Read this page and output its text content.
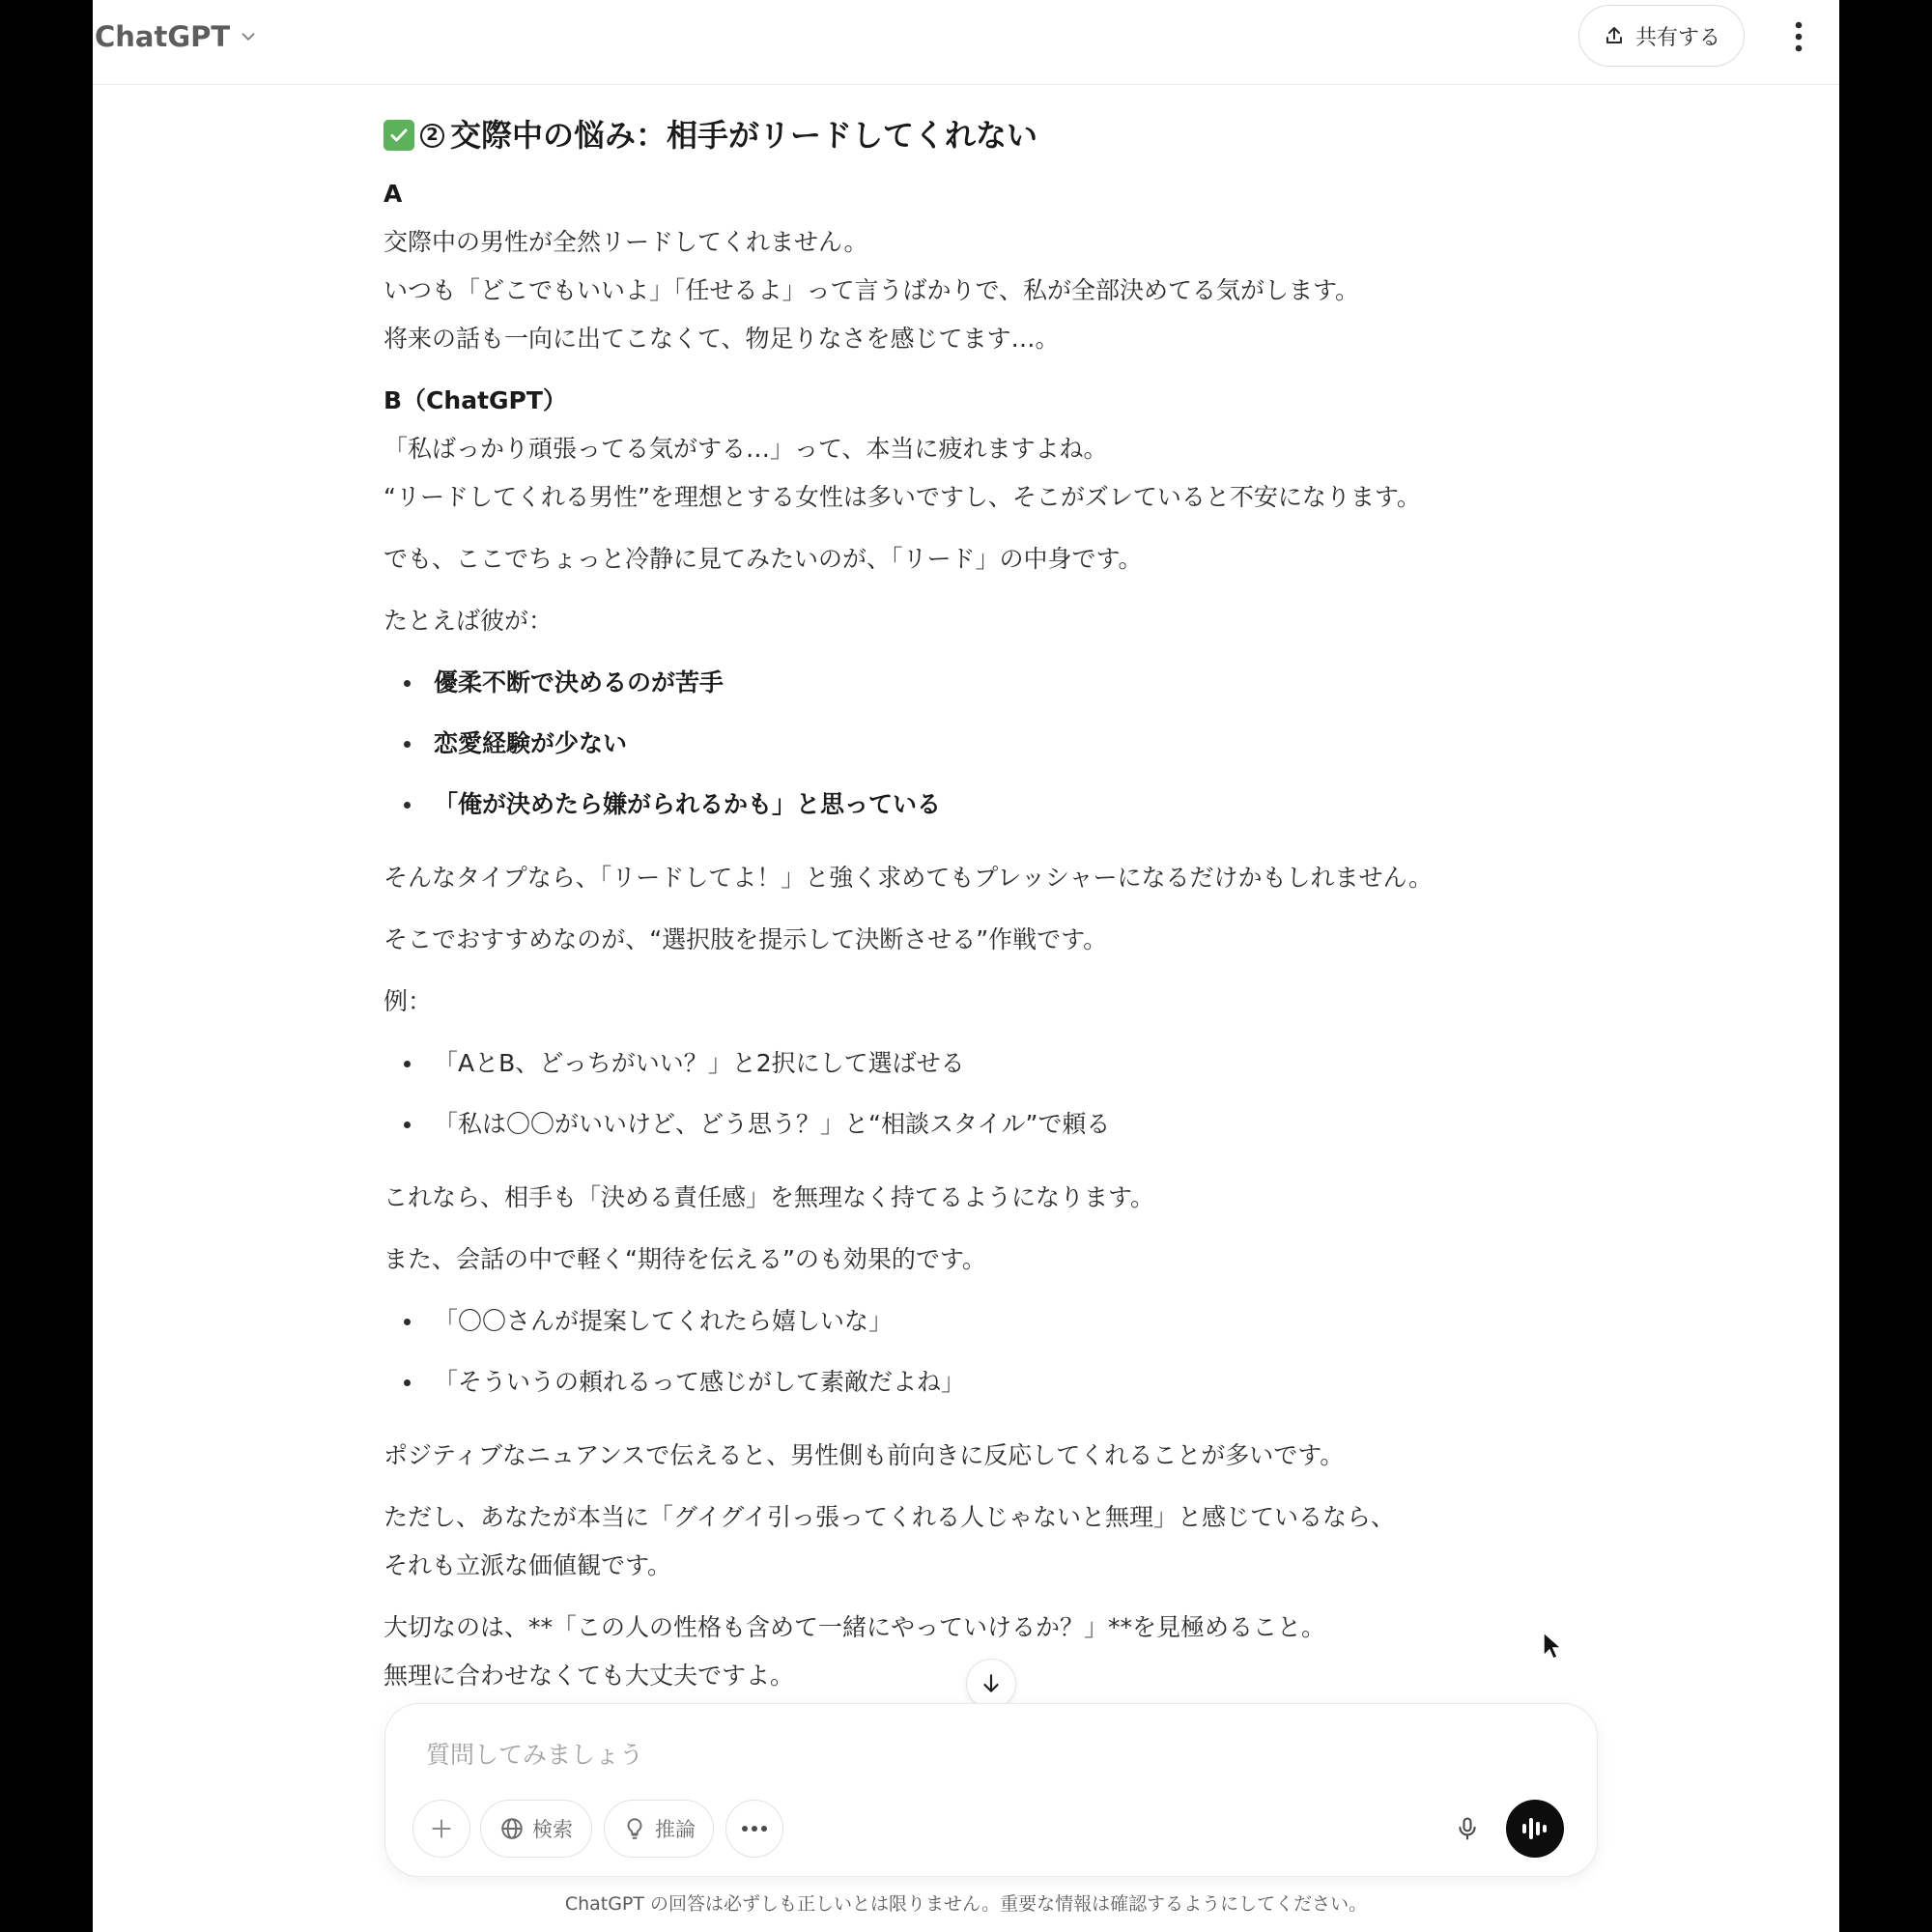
ChatGPT	共有する
2 交際中の悩み：相手がリードしてくれない

A

交際中の男性が全然リードしてくれません。

いつも「どこでもいいよ」「任せるよ」って言うばかりで、私が全部決めてる気がします。

将来の話も一向に出てこなくて、物足りなさを感じてます…。

B（ChatGPT）

「私ばっかり頑張ってる気がする…」って、本当に疲れますよね。

“リードしてくれる男性”を理想とする女性は多いですし、そこがズレていると不安になります。

でも、ここでちょっと冷静に見てみたいのが、「リード」の中身です。

たとえば彼が：

優柔不断で決めるのが苦手
恋愛経験が少ない
「俺が決めたら嫌がられるかも」と思っている

そんなタイプなら、「リードしてよ！」と強く求めてもプレッシャーになるだけかもしれません。

そこでおすすめなのが、“選択肢を提示して決断させる”作戦です。

例：

「AとB、どっちがいい？」と2択にして選ばせる
「私は〇〇がいいけど、どう思う？」と“相談スタイル”で頼る

これなら、相手も「決める責任感」を無理なく持てるようになります。

また、会話の中で軽く“期待を伝える”のも効果的です。

「〇〇さんが提案してくれたら嬉しいな」
「そういうの頼れるって感じがして素敵だよね」

ポジティブなニュアンスで伝えると、男性側も前向きに反応してくれることが多いです。

ただし、あなたが本当に「グイグイ引っ張ってくれる人じゃないと無理」と感じているなら、

それも立派な価値観です。

大切なのは、**「この人の性格も含めて一緒にやっていけるか？」**を見極めること。

無理に合わせなくても大丈夫ですよ。

質問してみましょう
検索	推論
ChatGPT の回答は必ずしも正しいとは限りません。重要な情報は確認するようにしてください。
